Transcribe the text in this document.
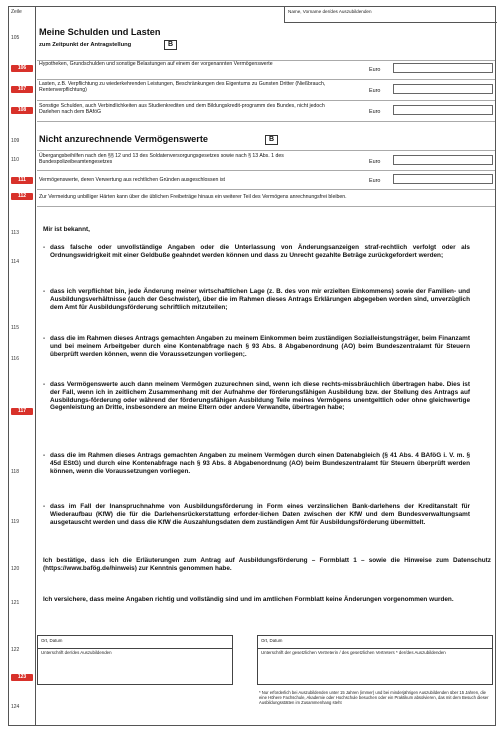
Zeile	Name, Vorname der/des Auszubildenden
105
Meine Schulden und Lasten
zum Zeitpunkt der Antragstellung	B
106
Hypotheken, Grundschulden und sonstige Belastungen auf einem der vorgenannten Vermögenswerte
Euro
107
Lasten, z.B. Verpflichtung zu wiederkehrenden Leistungen, Beschränkungen des Eigentums zu Gunsten Dritter (Nießbrauch, Rentenverpflichtung)	Euro
108
Sonstige Schulden, auch Verbindlichkeiten aus Studienkrediten und dem Bildungskredit-programm des Bundes, nicht jedoch Darlehen nach dem BAföG	Euro
109	Nicht anzurechnende Vermögenswerte	B
110
Übergangsbeihilfen nach den §§ 12 und 13 des Soldatenversorgungsgesetzes sowie nach § 13 Abs. 1 des Bundespolizeibeamtengesetzes	Euro
111	Vermögenswerte, deren Verwertung aus rechtlichen Gründen ausgeschlossen ist	Euro
112	Zur Vermeidung unbilliger Härten kann über die üblichen Freibeträge hinaus ein weiterer Teil des Vermögens anrechnungsfrei bleiben.
113	Mir ist bekannt,
114
- dass falsche oder unvollständige Angaben oder die Unterlassung von Änderungsanzeigen straf-rechtlich verfolgt oder als Ordnungswidrigkeit mit einer Geldbuße geahndet werden können und dass zu Unrecht gezahlte Beträge zurückgefordert werden;
115
- dass ich verpflichtet bin, jede Änderung meiner wirtschaftlichen Lage (z. B. des von mir erzielten Einkommens) sowie der Familien- und Ausbildungsverhältnisse (auch der Geschwister), über die im Rahmen dieses Antrags Erklärungen abgegeben worden sind, unverzüglich dem Amt für Ausbildungsförderung schriftlich mitzuteilen;
116
- dass die im Rahmen dieses Antrags gemachten Angaben zu meinem Einkommen beim zuständigen Sozialleistungsträger, beim Finanzamt und bei meinem Arbeitgeber durch eine Kontenabfrage nach § 93 Abs. 8 Abgabenordnung (AO) beim Bundeszentralamt für Steuern überprüft werden können, wenn die Voraussetzungen vorliegen;.
117
- dass Vermögenswerte auch dann meinem Vermögen zuzurechnen sind, wenn ich diese rechts-missbräuchlich übertragen habe. Dies ist der Fall, wenn ich in zeitlichem Zusammenhang mit der Aufnahme der förderungsfähigen Ausbildung bzw. der Stellung des Antrags auf Ausbildungs-förderung oder während der förderungsfähigen Ausbildung Teile meines Vermögens unentgeltlich oder ohne gleichwertige Gegenleistung an Dritte, insbesondere an meine Eltern oder andere Verwandte, übertragen habe;
118
- dass die im Rahmen dieses Antrags gemachten Angaben zu meinem Vermögen durch einen Datenabgleich (§ 41 Abs. 4 BAföG i. V. m. § 45d EStG) und durch eine Kontenabfrage nach § 93 Abs. 8 Abgabenordnung (AO) beim Bundeszentralamt für Steuern überprüft werden können, wenn die Voraussetzungen vorliegen.
119
- dass im Fall der Inanspruchnahme von Ausbildungsförderung in Form eines verzinslichen Bank-darlehens der Kreditanstalt für Wiederaufbau (KfW) die für die Darlehensrückerstattung erforder-lichen Daten zwischen der KfW und dem Bundesverwaltungsamt ausgetauscht werden und dass die KfW die Auszahlungsdaten dem zuständigen Amt für Ausbildungsförderung übermittelt.
120
Ich bestätige, dass ich die Erläuterungen zum Antrag auf Ausbildungsförderung – Formblatt 1 – sowie die Hinweise zum Datenschutz (https://www.bafög.de/hinweis) zur Kenntnis genommen habe.
121	Ich versichere, dass meine Angaben richtig und vollständig sind und im amtlichen Formblatt keine Änderungen vorgenommen wurden.
122
123
124
Ort, Datum
Unterschrift der/des Auszubildenden
Ort, Datum
Unterschrift der gesetzlichen Vertreterin / des gesetzlichen Vertreters * der/des Auszubildenden
* Nur erforderlich bei Auszubildenden unter 15 Jahren (immer) und bei minderjährigen Auszubildenden über 15 Jahren, die eine Höhere Fachschule, Akademie oder Hochschule besuchen oder ein Praktikum absolvieren, das mit dem Besuch dieser Ausbildungsstätten im Zusammenhang steht
